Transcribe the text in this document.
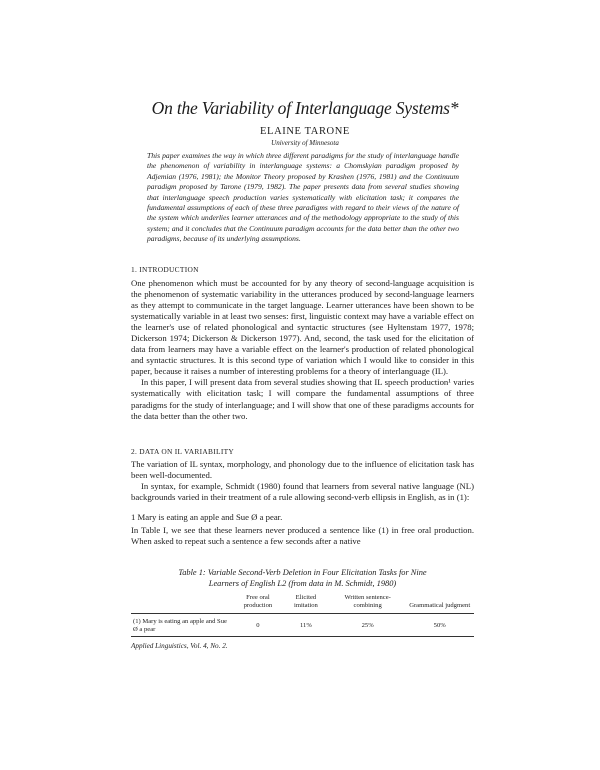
On the Variability of Interlanguage Systems*
ELAINE TARONE
University of Minnesota
This paper examines the way in which three different paradigms for the study of interlanguage handle the phenomenon of variability in interlanguage systems: a Chomskyian paradigm proposed by Adjemian (1976, 1981); the Monitor Theory proposed by Krashen (1976, 1981) and the Continuum paradigm proposed by Tarone (1979, 1982). The paper presents data from several studies showing that interlanguage speech production varies systematically with elicitation task; it compares the fundamental assumptions of each of these three paradigms with regard to their views of the nature of the system which underlies learner utterances and of the methodology appropriate to the study of this system; and it concludes that the Continuum paradigm accounts for the data better than the other two paradigms, because of its underlying assumptions.
1. INTRODUCTION

One phenomenon which must be accounted for by any theory of second-language acquisition is the phenomenon of systematic variability in the utterances produced by second-language learners as they attempt to communicate in the target language. Learner utterances have been shown to be systematically variable in at least two senses: first, linguistic context may have a variable effect on the learner's use of related phonological and syntactic structures (see Hyltenstam 1977, 1978; Dickerson 1974; Dickerson & Dickerson 1977). And, second, the task used for the elicitation of data from learners may have a variable effect on the learner's production of related phonological and syntactic structures. It is this second type of variation which I would like to consider in this paper, because it raises a number of interesting problems for a theory of interlanguage (IL).

In this paper, I will present data from several studies showing that IL speech production¹ varies systematically with elicitation task; I will compare the fundamental assumptions of three paradigms for the study of interlanguage; and I will show that one of these paradigms accounts for the data better than the other two.

2. DATA ON IL VARIABILITY

The variation of IL syntax, morphology, and phonology due to the influence of elicitation task has been well-documented.

In syntax, for example, Schmidt (1980) found that learners from several native language (NL) backgrounds varied in their treatment of a rule allowing second-verb ellipsis in English, as in (1):

1 Mary is eating an apple and Sue Ø a pear.

In Table I, we see that these learners never produced a sentence like (1) in free oral production. When asked to repeat such a sentence a few seconds after a native

Table 1: Variable Second-Verb Deletion in Four Elicitation Tasks for Nine
Learners of English L2 (from data in M. Schmidt, 1980)
	Free oral production	Elicited imitation	Written sentence-combining	Grammatical judgment
(1) Mary is eating an apple and Sue Ø a pear	0	11%	25%	50%
Applied Linguistics, Vol. 4, No. 2.
